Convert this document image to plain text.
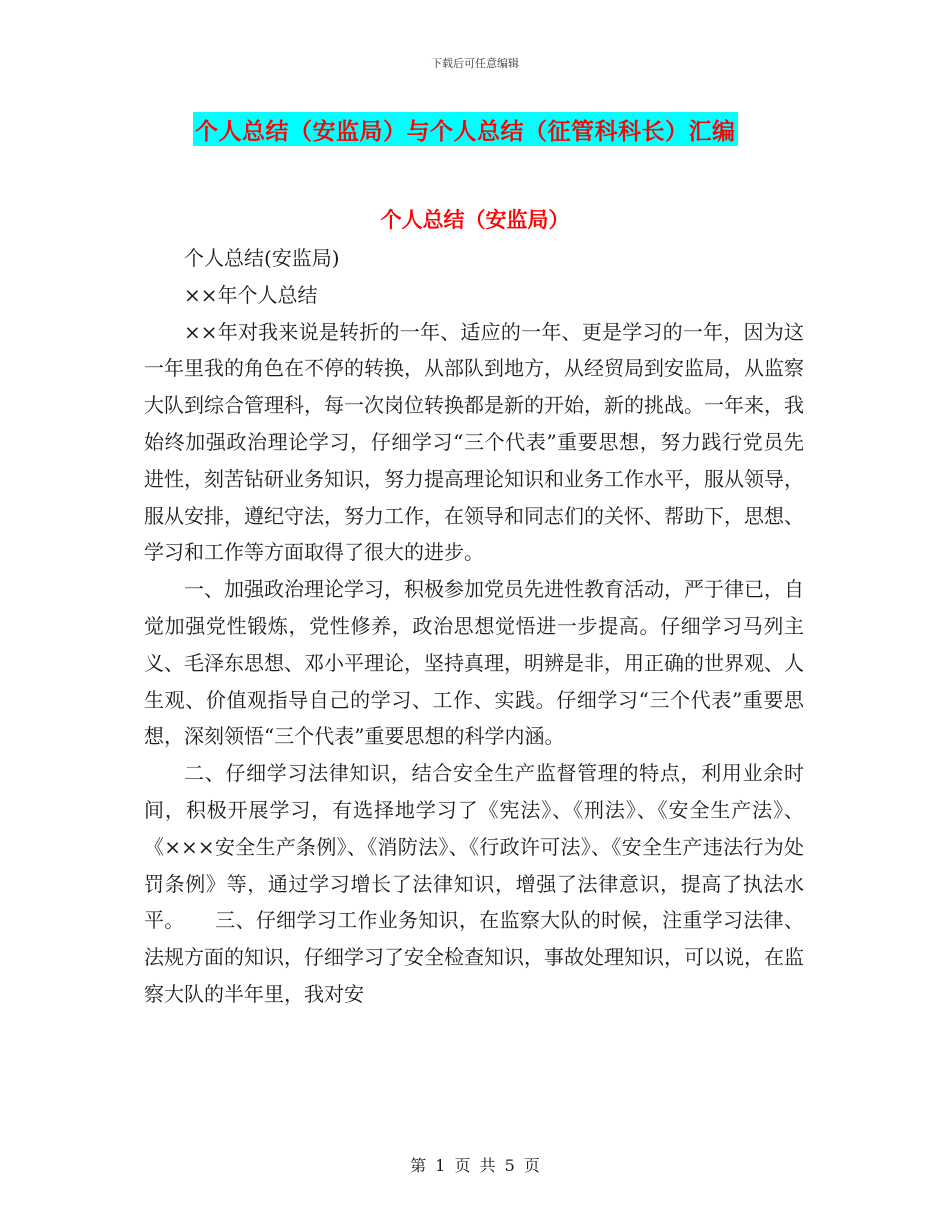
下载后可任意编辑
个人总结（安监局）与个人总结（征管科科长）汇编
个人总结（安监局）

个人总结(安监局)

××年个人总结

××年对我来说是转折的一年、适应的一年、更是学习的一年，因为这一年里我的角色在不停的转换，从部队到地方，从经贸局到安监局，从监察大队到综合管理科，每一次岗位转换都是新的开始，新的挑战。一年来，我始终加强政治理论学习，仔细学习“三个代表”重要思想，努力践行党员先进性，刻苦钻研业务知识，努力提高理论知识和业务工作水平，服从领导，服从安排，遵纪守法，努力工作，在领导和同志们的关怀、帮助下，思想、学习和工作等方面取得了很大的进步。

一、加强政治理论学习，积极参加党员先进性教育活动，严于律已，自觉加强党性锻炼，党性修养，政治思想觉悟进一步提高。仔细学习马列主义、毛泽东思想、邓小平理论，坚持真理，明辨是非，用正确的世界观、人生观、价值观指导自己的学习、工作、实践。仔细学习“三个代表”重要思想，深刻领悟“三个代表”重要思想的科学内涵。

二、仔细学习法律知识，结合安全生产监督管理的特点，利用业余时间，积极开展学习，有选择地学习了《宪法》、《刑法》、《安全生产法》、《×××安全生产条例》、《消防法》、《行政许可法》、《安全生产违法行为处罚条例》等，通过学习增长了法律知识，增强了法律意识，提高了执法水平。　　三、仔细学习工作业务知识，在监察大队的时候，注重学习法律、法规方面的知识，仔细学习了安全检查知识，事故处理知识，可以说，在监察大队的半年里，我对安

第 1 页 共 5 页
